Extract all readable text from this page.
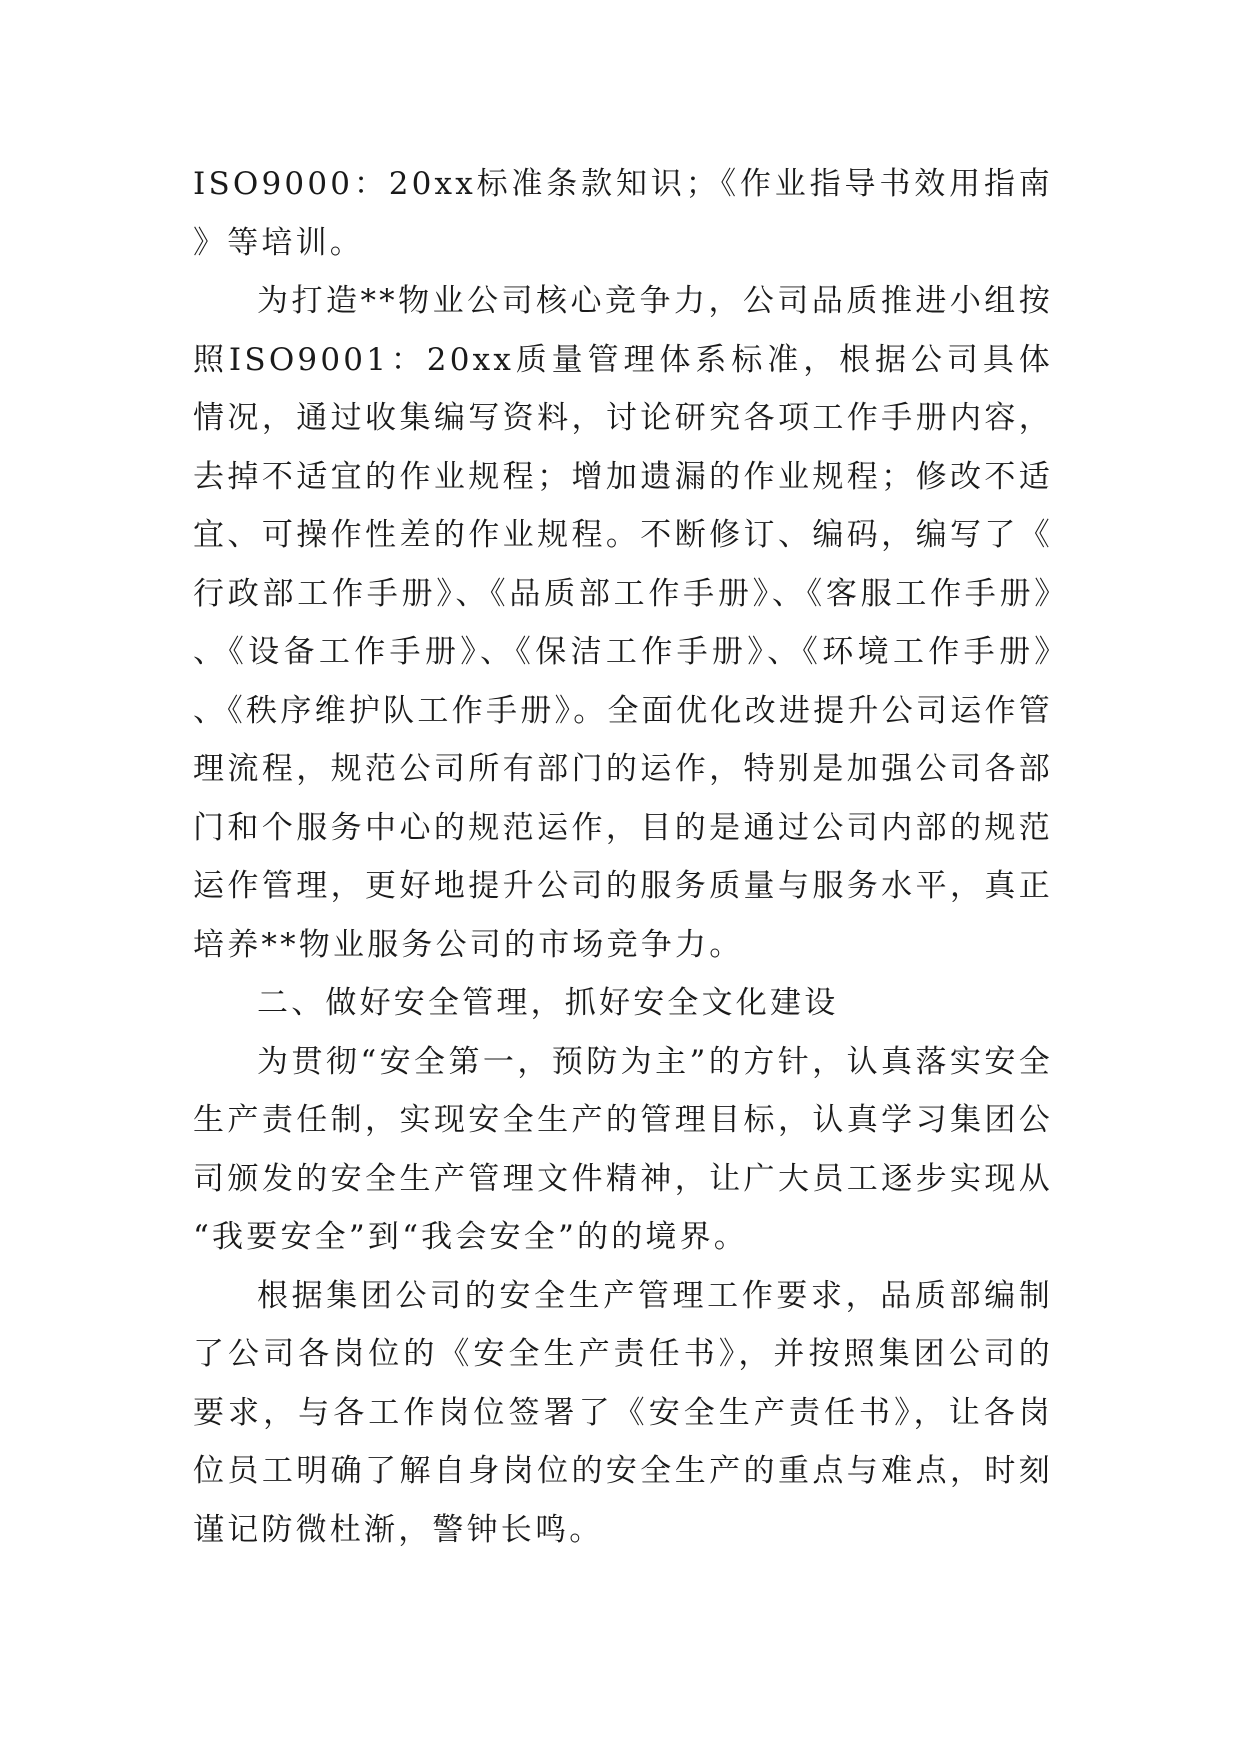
ISO9000：20xx标准条款知识；《作业指导书效用指南》等培训。

为打造**物业公司核心竞争力，公司品质推进小组按照ISO9001：20xx质量管理体系标准，根据公司具体情况，通过收集编写资料，讨论研究各项工作手册内容，去掉不适宜的作业规程；增加遗漏的作业规程；修改不适宜、可操作性差的作业规程。不断修订、编码，编写了《行政部工作手册》、《品质部工作手册》、《客服工作手册》、《设备工作手册》、《保洁工作手册》、《环境工作手册》、《秩序维护队工作手册》。全面优化改进提升公司运作管理流程，规范公司所有部门的运作，特别是加强公司各部门和个服务中心的规范运作，目的是通过公司内部的规范运作管理，更好地提升公司的服务质量与服务水平，真正培养**物业服务公司的市场竞争力。

二、做好安全管理，抓好安全文化建设

为贯彻“安全第一，预防为主”的方针，认真落实安全生产责任制，实现安全生产的管理目标，认真学习集团公司颁发的安全生产管理文件精神，让广大员工逐步实现从“我要安全”到“我会安全”的的境界。

根据集团公司的安全生产管理工作要求，品质部编制了公司各岗位的《安全生产责任书》，并按照集团公司的要求，与各工作岗位签署了《安全生产责任书》，让各岗位员工明确了解自身岗位的安全生产的重点与难点，时刻谨记防微杜渐，警钟长鸣。
